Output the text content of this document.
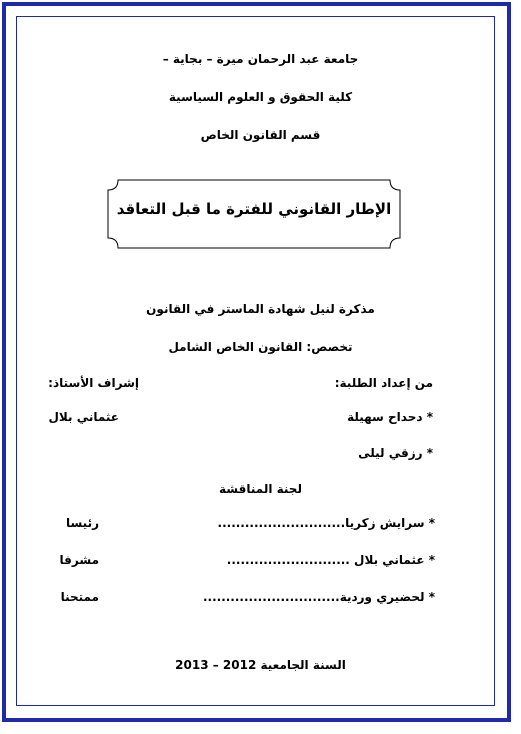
جامعة عبد الرحمان ميرة – بجاية –
كلية الحقوق و العلوم السياسية
قسم القانون الخاص
الإطار القانوني للفترة ما قبل التعاقد
مذكرة لنيل شهادة الماستر في القانون
تخصص: القانون الخاص الشامل
من إعداد الطلبة:
إشراف الأستاذ:
* دحداح سهيلة
عثماني بلال
* رزقي ليلى
لجنة المناقشة
* سرايش زكريا............................
رئيسا
* عثماني بلال ...........................
مشرفا
* لحضيري وردية..............................
ممتحنا
السنة الجامعية 2012 – 2013
